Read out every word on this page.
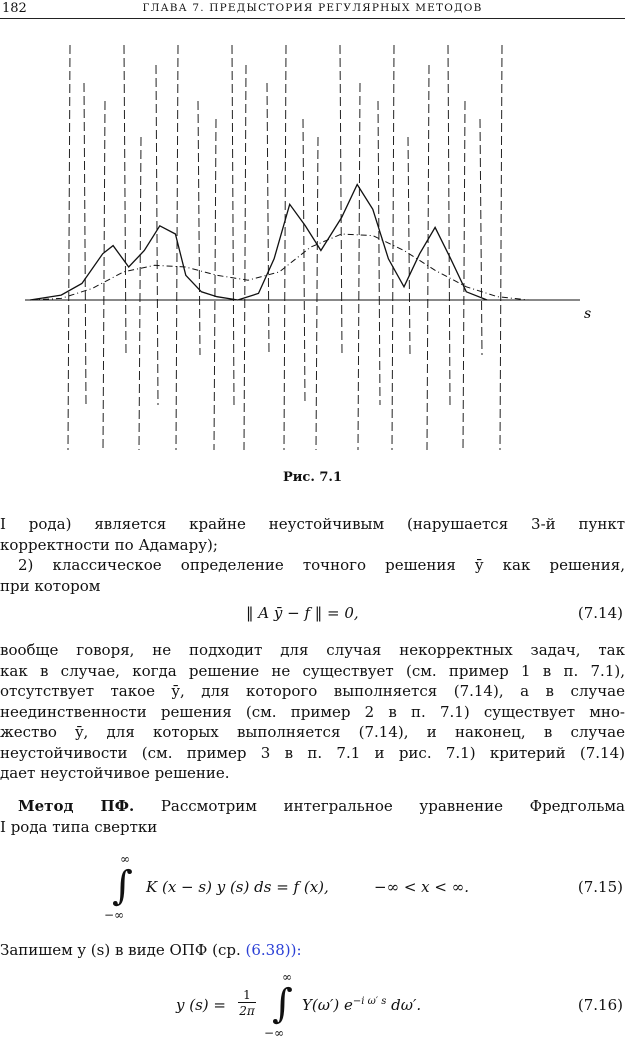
182	ГЛАВА 7. ПРЕДЫСТОРИЯ РЕГУЛЯРНЫХ МЕТОДОВ
s
Рис. 7.1
I рода) является крайне неустойчивым (нарушается 3-й пункт
корректности по Адамару);
2) классическое определение точного решения ȳ как решения,
при котором
‖ A ȳ − f ‖ = 0,	(7.14)
вообще говоря, не подходит для случая некорректных задач, так
как в случае, когда решение не существует (см. пример 1 в п. 7.1),
отсутствует такое ȳ, для которого выполняется (7.14), а в случае
неединственности решения (см. пример 2 в п. 7.1) существует мно-
жество ȳ, для которых выполняется (7.14), и наконец, в случае
неустойчивости (см. пример 3 в п. 7.1 и рис. 7.1) критерий (7.14)
дает неустойчивое решение.
Метод ПФ. Рассмотрим интегральное уравнение Фредгольма
I рода типа свертки
∞
∫
−∞
K (x − s) y (s) ds = f (x),	−∞ < x < ∞.	(7.15)
Запишем y (s) в виде ОПФ (ср. (6.38)):
y (s) =
1
2π
∞
∫
−∞
Y(ω′) $e^{-i \omega' s}$ dω′.	(7.16)
